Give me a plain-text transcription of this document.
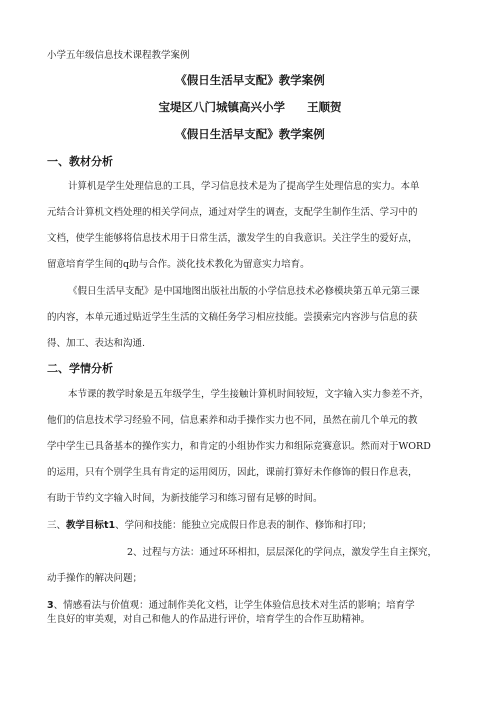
小学五年级信息技术课程教学案例
《假日生活早支配》教学案例
宝堤区八门城镇高兴小学 王顺贺
《假日生活早支配》教学案例
一、教材分析
计算机是学生处理信息的工具，学习信息技术是为了提高学生处理信息的实力。本单
元结合计算机文档处理的相关学问点，通过对学生的调查，支配学生制作生活、学习中的
文档，使学生能够将信息技术用于日常生活，激发学生的自我意识。关注学生的爱好点，
留意培育学生间的q助与合作。淡化技术教化为留意实力培育。
《假日生活早支配》是中国地图出版社出版的小学信息技术必修模块第五单元第三课
的内容，本单元通过贴近学生生活的文稿任务学习相应技能。尝摸索完内容涉与信息的获
得、加工、表达和沟通.
二、学情分析
本节课的教学时象是五年级学生，学生接触计算机时间较短，文字输入实力参差不齐，
他们的信息技术学习经验不同，信息素养和动手操作实力也不同，虽然在前几个单元的教
学中学生已具备基本的操作实力，和肯定的小组协作实力和组际竞赛意识。然而对于WORD
的运用，只有个别学生具有肯定的运用阅历，因此，课前打算好未作修饰的假日作息表，
有助于节约文字输入时间，为新技能学习和练习留有足够的时间。
三、教学目标t1、学问和技能：能独立完成假日作息表的制作、修饰和打印；
2、过程与方法：通过环环相扣，层层深化的学问点，激发学生自主探究，
动手操作的解决问题；
3、情感看法与价值观：通过制作美化文档，让学生体验信息技术对生活的影响；培育学
生良好的审美观，对自己和他人的作品进行评价，培育学生的合作互助精神。
